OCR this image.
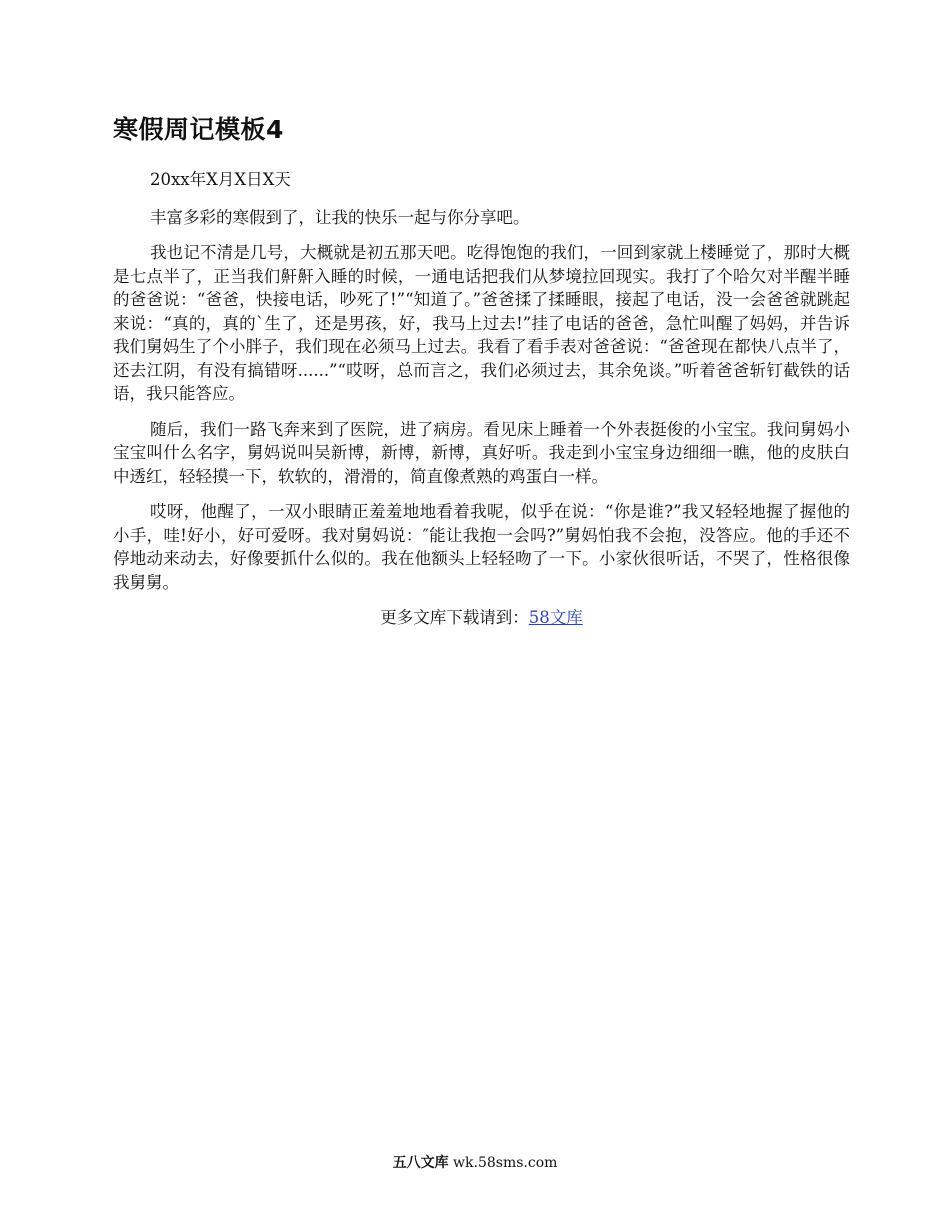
寒假周记模板4

20xx年X月X日X天

丰富多彩的寒假到了，让我的快乐一起与你分享吧。

我也记不清是几号，大概就是初五那天吧。吃得饱饱的我们，一回到家就上楼睡觉了，那时大概是七点半了，正当我们鼾鼾入睡的时候，一通电话把我们从梦境拉回现实。我打了个哈欠对半醒半睡的爸爸说：“爸爸，快接电话，吵死了!”“知道了。”爸爸揉了揉睡眼，接起了电话，没一会爸爸就跳起来说：“真的，真的`生了，还是男孩，好，我马上过去!”挂了电话的爸爸，急忙叫醒了妈妈，并告诉我们舅妈生了个小胖子，我们现在必须马上过去。我看了看手表对爸爸说：“爸爸现在都快八点半了，还去江阴，有没有搞错呀......”“哎呀，总而言之，我们必须过去，其余免谈。”听着爸爸斩钉截铁的话语，我只能答应。

随后，我们一路飞奔来到了医院，进了病房。看见床上睡着一个外表挺俊的小宝宝。我问舅妈小宝宝叫什么名字，舅妈说叫吴新博，新博，新博，真好听。我走到小宝宝身边细细一瞧，他的皮肤白中透红，轻轻摸一下，软软的，滑滑的，简直像煮熟的鸡蛋白一样。

哎呀，他醒了，一双小眼睛正羞羞地地看着我呢，似乎在说：“你是谁?”我又轻轻地握了握他的小手，哇!好小，好可爱呀。我对舅妈说：″能让我抱一会吗?”舅妈怕我不会抱，没答应。他的手还不停地动来动去，好像要抓什么似的。我在他额头上轻轻吻了一下。小家伙很听话，不哭了，性格很像我舅舅。

更多文库下载请到：58文库

五八文库 wk.58sms.com
